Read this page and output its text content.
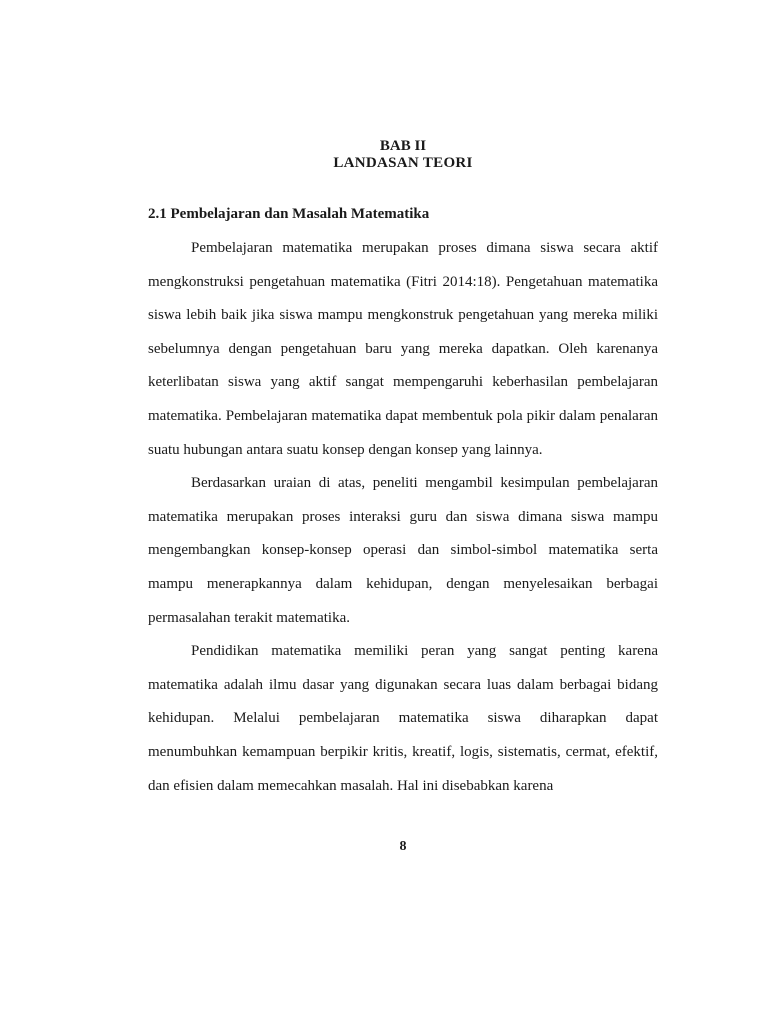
BAB II
LANDASAN TEORI
2.1 Pembelajaran dan Masalah Matematika

Pembelajaran matematika merupakan proses dimana siswa secara aktif mengkonstruksi pengetahuan matematika (Fitri 2014:18). Pengetahuan matematika siswa lebih baik jika siswa mampu mengkonstruk pengetahuan yang mereka miliki sebelumnya dengan pengetahuan baru yang mereka dapatkan. Oleh karenanya keterlibatan siswa yang aktif sangat mempengaruhi keberhasilan pembelajaran matematika. Pembelajaran matematika dapat membentuk pola pikir dalam penalaran suatu hubungan antara suatu konsep dengan konsep yang lainnya.

Berdasarkan uraian di atas, peneliti mengambil kesimpulan pembelajaran matematika merupakan proses interaksi guru dan siswa dimana siswa mampu mengembangkan konsep-konsep operasi dan simbol-simbol matematika serta mampu menerapkannya dalam kehidupan, dengan menyelesaikan berbagai permasalahan terakit matematika.

Pendidikan matematika memiliki peran yang sangat penting karena matematika adalah ilmu dasar yang digunakan secara luas dalam berbagai bidang kehidupan. Melalui pembelajaran matematika siswa diharapkan dapat menumbuhkan kemampuan berpikir kritis, kreatif, logis, sistematis, cermat, efektif, dan efisien dalam memecahkan masalah. Hal ini disebabkan karena

8
